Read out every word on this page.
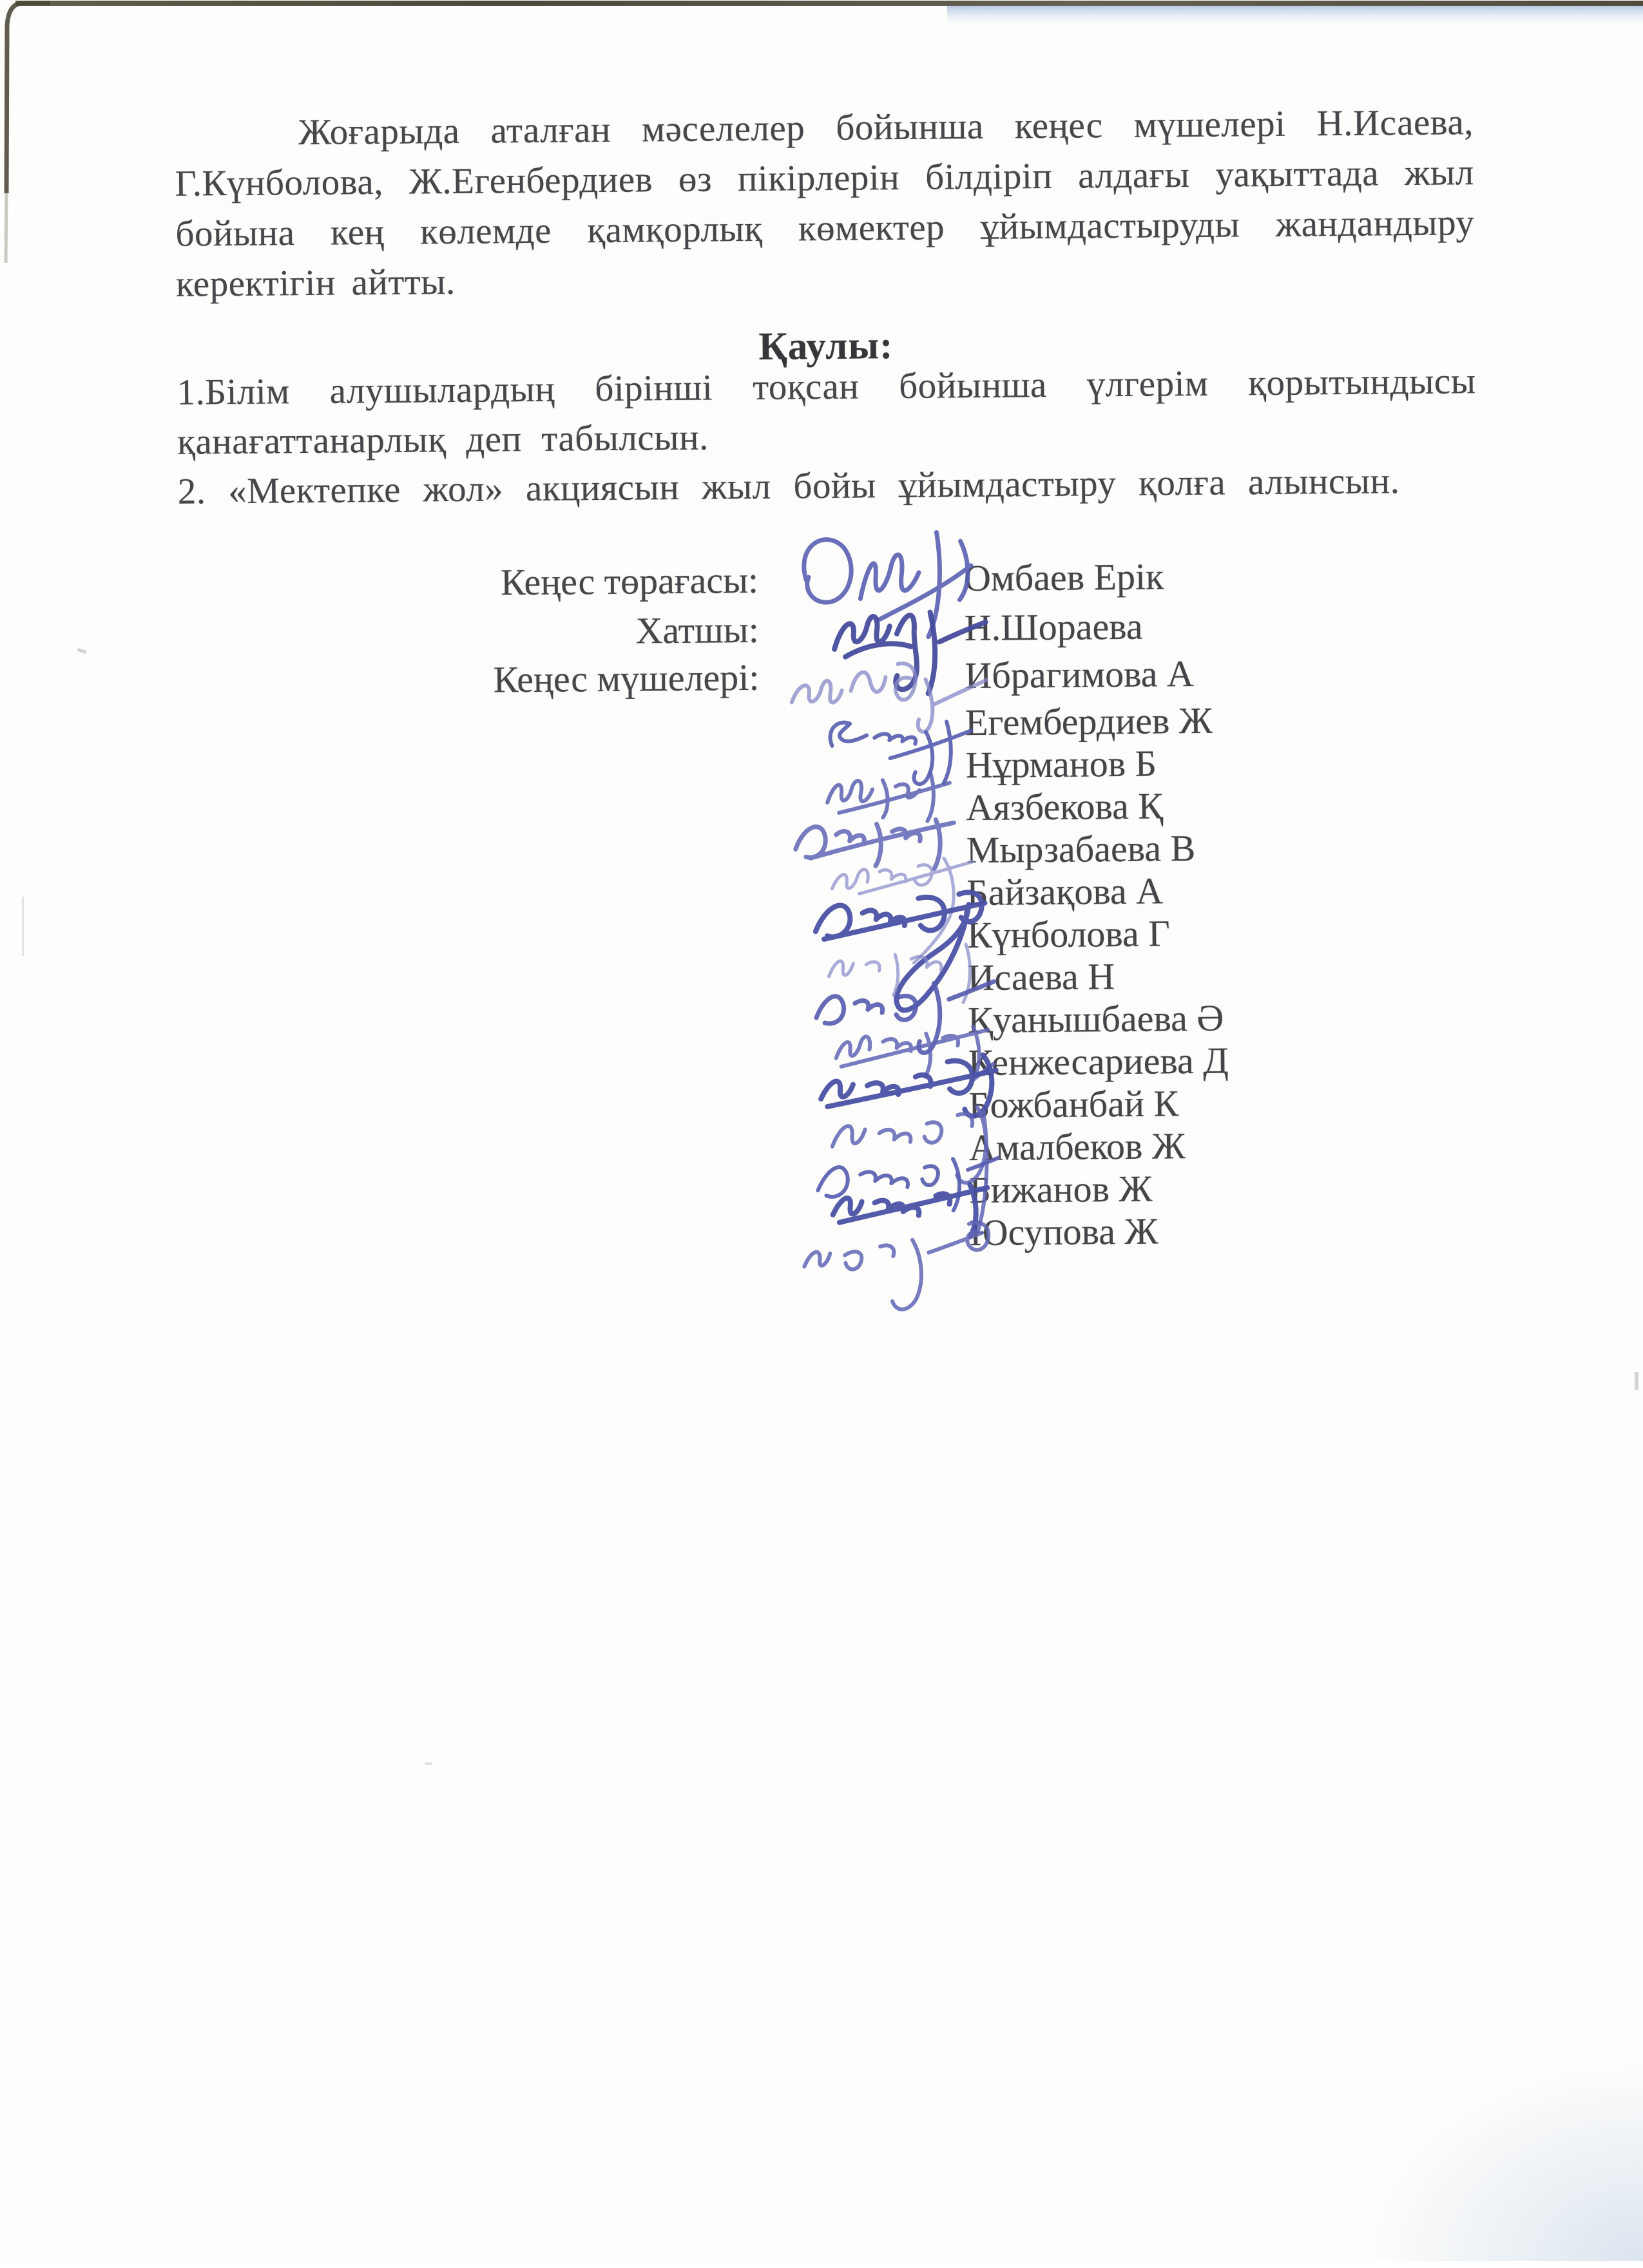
Жоғарыда аталған мәселелер бойынша кеңес мүшелері Н.Исаева,
Г.Күнболова, Ж.Егенбердиев өз пікірлерін білдіріп алдағы уақыттада жыл
бойына кең көлемде қамқорлық көмектер ұйымдастыруды жандандыру
керектігін айтты.
Қаулы:
1.Білім алушылардың бірінші тоқсан бойынша үлгерім қорытындысы
қанағаттанарлық деп табылсын.
2. «Мектепке жол» акциясын жыл бойы ұйымдастыру қолға алынсын.
Кеңес төрағасы:
Хатшы:
Кеңес мүшелері:
Омбаев Ерік
Н.Шораева
Ибрагимова А
Егембердиев Ж
Нұрманов Б
Аязбекова Қ
Мырзабаева В
Байзақова А
Күнболова Г
Исаева Н
Қуанышбаева Ә
Кенжесариева Д
Божбанбай К
Амалбеков Ж
Бижанов Ж
Юсупова Ж
